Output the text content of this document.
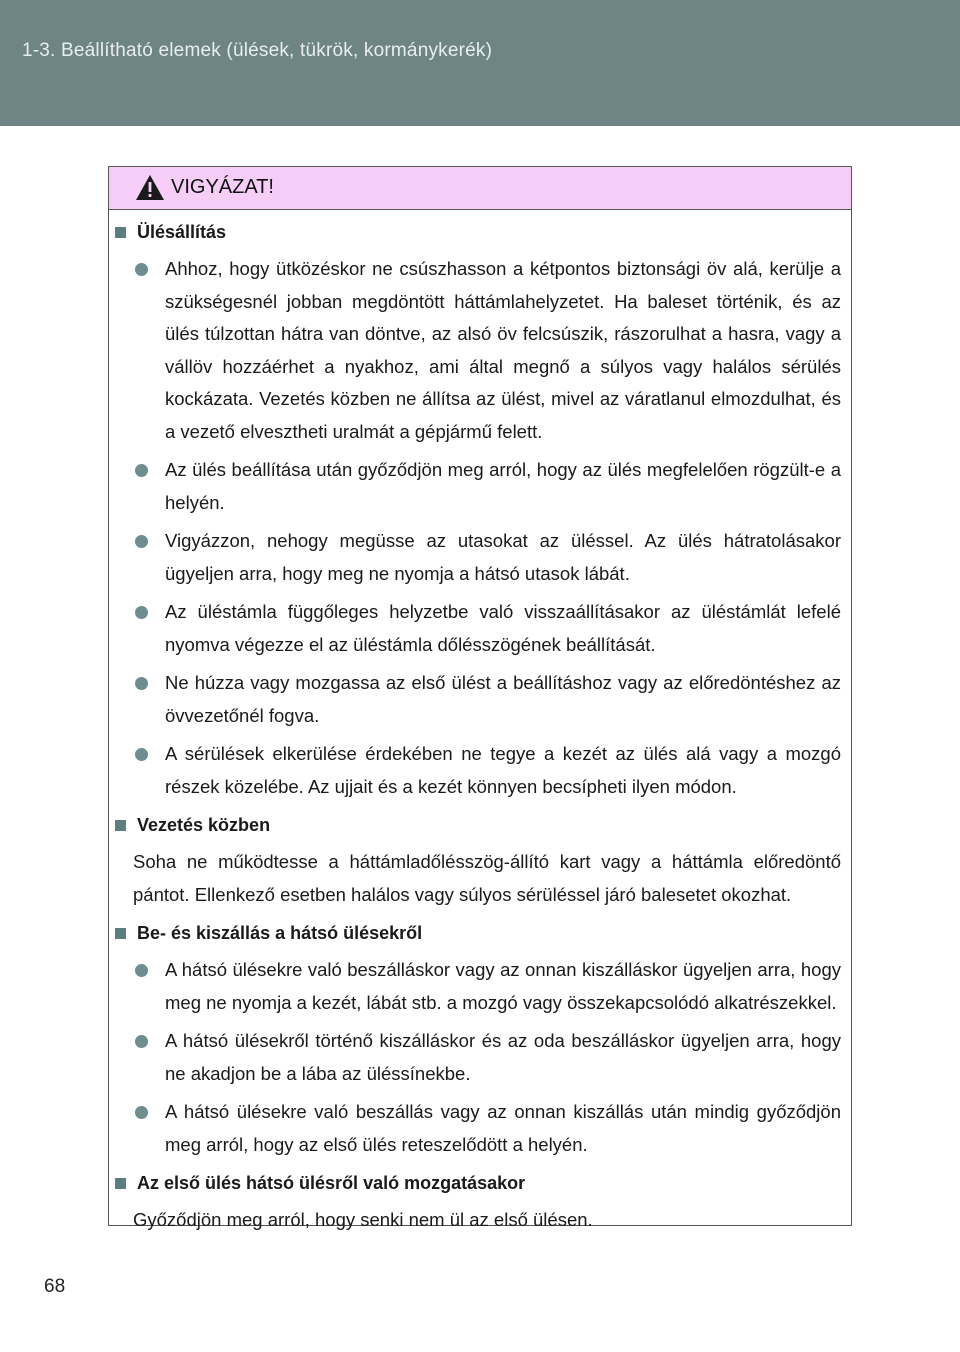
1-3. Beállítható elemek (ülések, tükrök, kormánykerék)
VIGYÁZAT!
Ülésállítás
Ahhoz, hogy ütközéskor ne csúszhasson a kétpontos biztonsági öv alá, kerülje a szükségesnél jobban megdöntött háttámlahelyzetet. Ha baleset történik, és az ülés túlzottan hátra van döntve, az alsó öv felcsúszik, rászorulhat a hasra, vagy a vállöv hozzáérhet a nyakhoz, ami által megnő a súlyos vagy halálos sérülés kockázata. Vezetés közben ne állítsa az ülést, mivel az váratlanul elmozdulhat, és a vezető elvesztheti uralmát a gépjármű felett.
Az ülés beállítása után győződjön meg arról, hogy az ülés megfelelően rögzült-e a helyén.
Vigyázzon, nehogy megüsse az utasokat az üléssel. Az ülés hátratolásakor ügyeljen arra, hogy meg ne nyomja a hátsó utasok lábát.
Az üléstámla függőleges helyzetbe való visszaállításakor az üléstámlát lefelé nyomva végezze el az üléstámla dőlésszögének beállítását.
Ne húzza vagy mozgassa az első ülést a beállításhoz vagy az előredöntéshez az övvezetőnél fogva.
A sérülések elkerülése érdekében ne tegye a kezét az ülés alá vagy a mozgó részek közelébe. Az ujjait és a kezét könnyen becsípheti ilyen módon.
Vezetés közben
Soha ne működtesse a háttámladőlésszög-állító kart vagy a háttámla előredöntő pántot. Ellenkező esetben halálos vagy súlyos sérüléssel járó balesetet okozhat.
Be- és kiszállás a hátsó ülésekről
A hátsó ülésekre való beszálláskor vagy az onnan kiszálláskor ügyeljen arra, hogy meg ne nyomja a kezét, lábát stb. a mozgó vagy összekapcsolódó alkatrészekkel.
A hátsó ülésekről történő kiszálláskor és az oda beszálláskor ügyeljen arra, hogy ne akadjon be a lába az üléssínekbe.
A hátsó ülésekre való beszállás vagy az onnan kiszállás után mindig győződjön meg arról, hogy az első ülés reteszelődött a helyén.
Az első ülés hátsó ülésről való mozgatásakor
Győződjön meg arról, hogy senki nem ül az első ülésen.
68
